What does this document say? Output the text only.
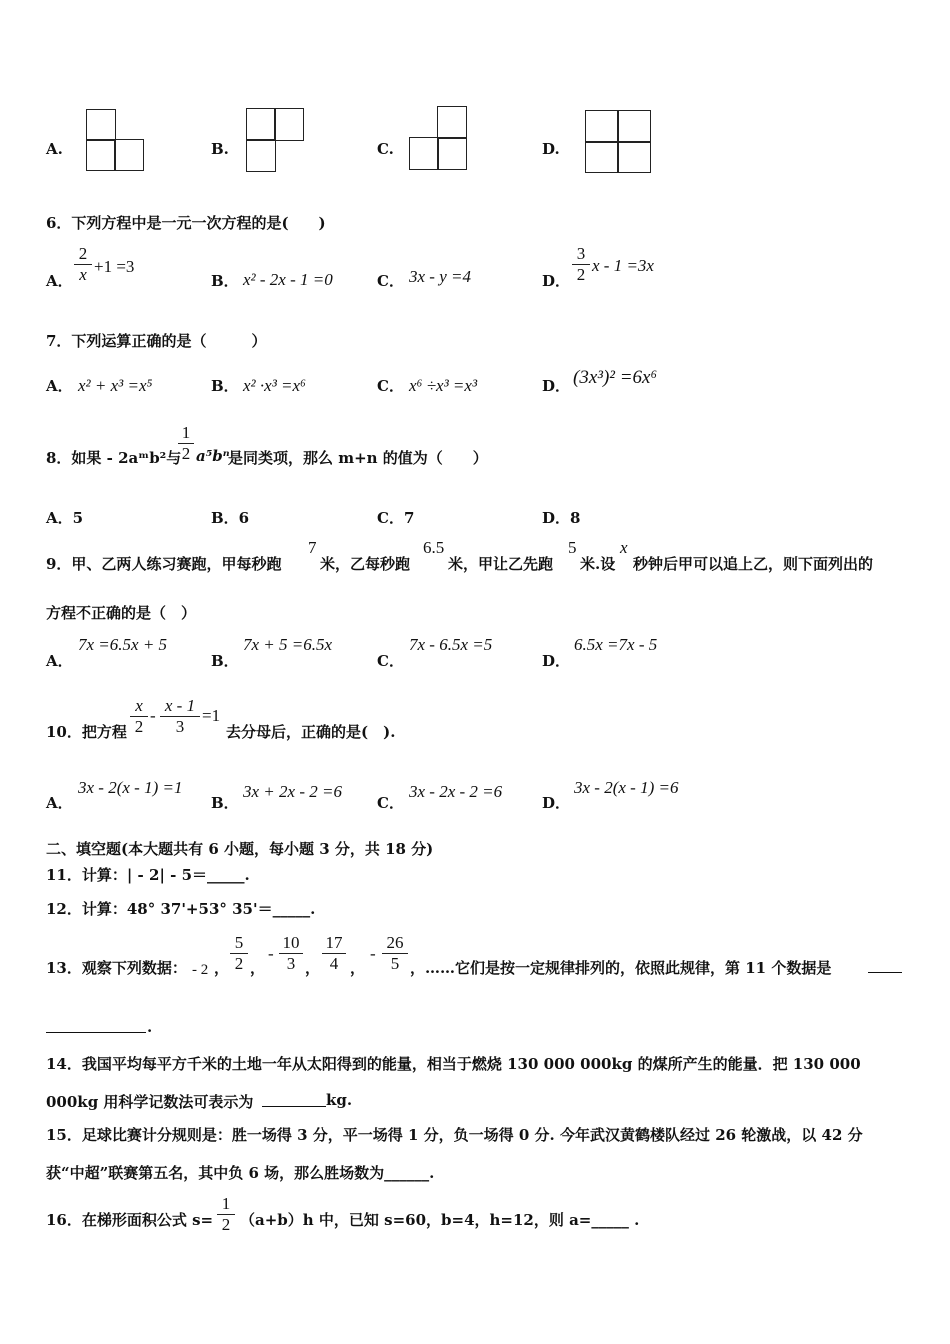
A.	B.	C.	D.
6．下列方程中是一元一次方程的是(　　)
A． $\frac{2}{x} +1 =3$
B． x² - 2x - 1 =0	C． 3x - y =4	D． $\frac{3}{2}$ x - 1 =3x
7．下列运算正确的是（　　　）
A． x² + x³ =x⁵	B． x² ·x³ =x⁶	C． x⁶ ÷x³ =x³	D． (3x³)² =6x⁶
8．如果 - 2aᵐb²与
$\frac{1}{2} a^5b^n$
是同类项，那么 m+n 的值为（　　）
A．5	B．6	C．7	D．8
9．甲、乙两人练习赛跑，甲每秒跑
7
米，乙每秒跑
6.5
米，甲让乙先跑
5
米.设
x
秒钟后甲可以追上乙，则下面列出的
方程不正确的是（　）
A．
7x =6.5x + 5
B．
7x + 5 =6.5x
C．
7x - 6.5x =5
D．
6.5x =7x - 5
10．把方程 $\frac{x}{2} - \frac{x - 1}{3} =1$
去分母后，正确的是(　).
A．
3x - 2(x - 1) =1
B．
3x + 2x - 2 =6
C．
3x - 2x - 2 =6
D．
3x - 2(x - 1) =6
二、填空题(本大题共有 6 小题，每小题 3 分，共 18 分)
11．计算：| - 2| - 5＝_____.
12．计算：48° 37'+53° 35'＝_____.
13．观察下列数据： - 2 ， $\frac{5}{2}$ ，
- $\frac{10}{3}$ ， $\frac{17}{4}$ ，
- $\frac{26}{5}$ ，……它们是按一定规律排列的，依照此规律，第 11 个数据是
.
14．我国平均每平方千米的土地一年从太阳得到的能量，相当于燃烧 130 000 000kg 的煤所产生的能量．把 130 000
000kg 用科学记数法可表示为	kg.
15．足球比赛计分规则是：胜一场得 3 分，平一场得 1 分，负一场得 0 分. 今年武汉黄鹤楼队经过 26 轮激战，以 42 分
获“中超”联赛第五名，其中负 6 场，那么胜场数为______.
16．在梯形面积公式 $s= \frac{1}{2} (a+b)h$ 中，已知 s=60，b=4，h=12，则 a=_____ .
